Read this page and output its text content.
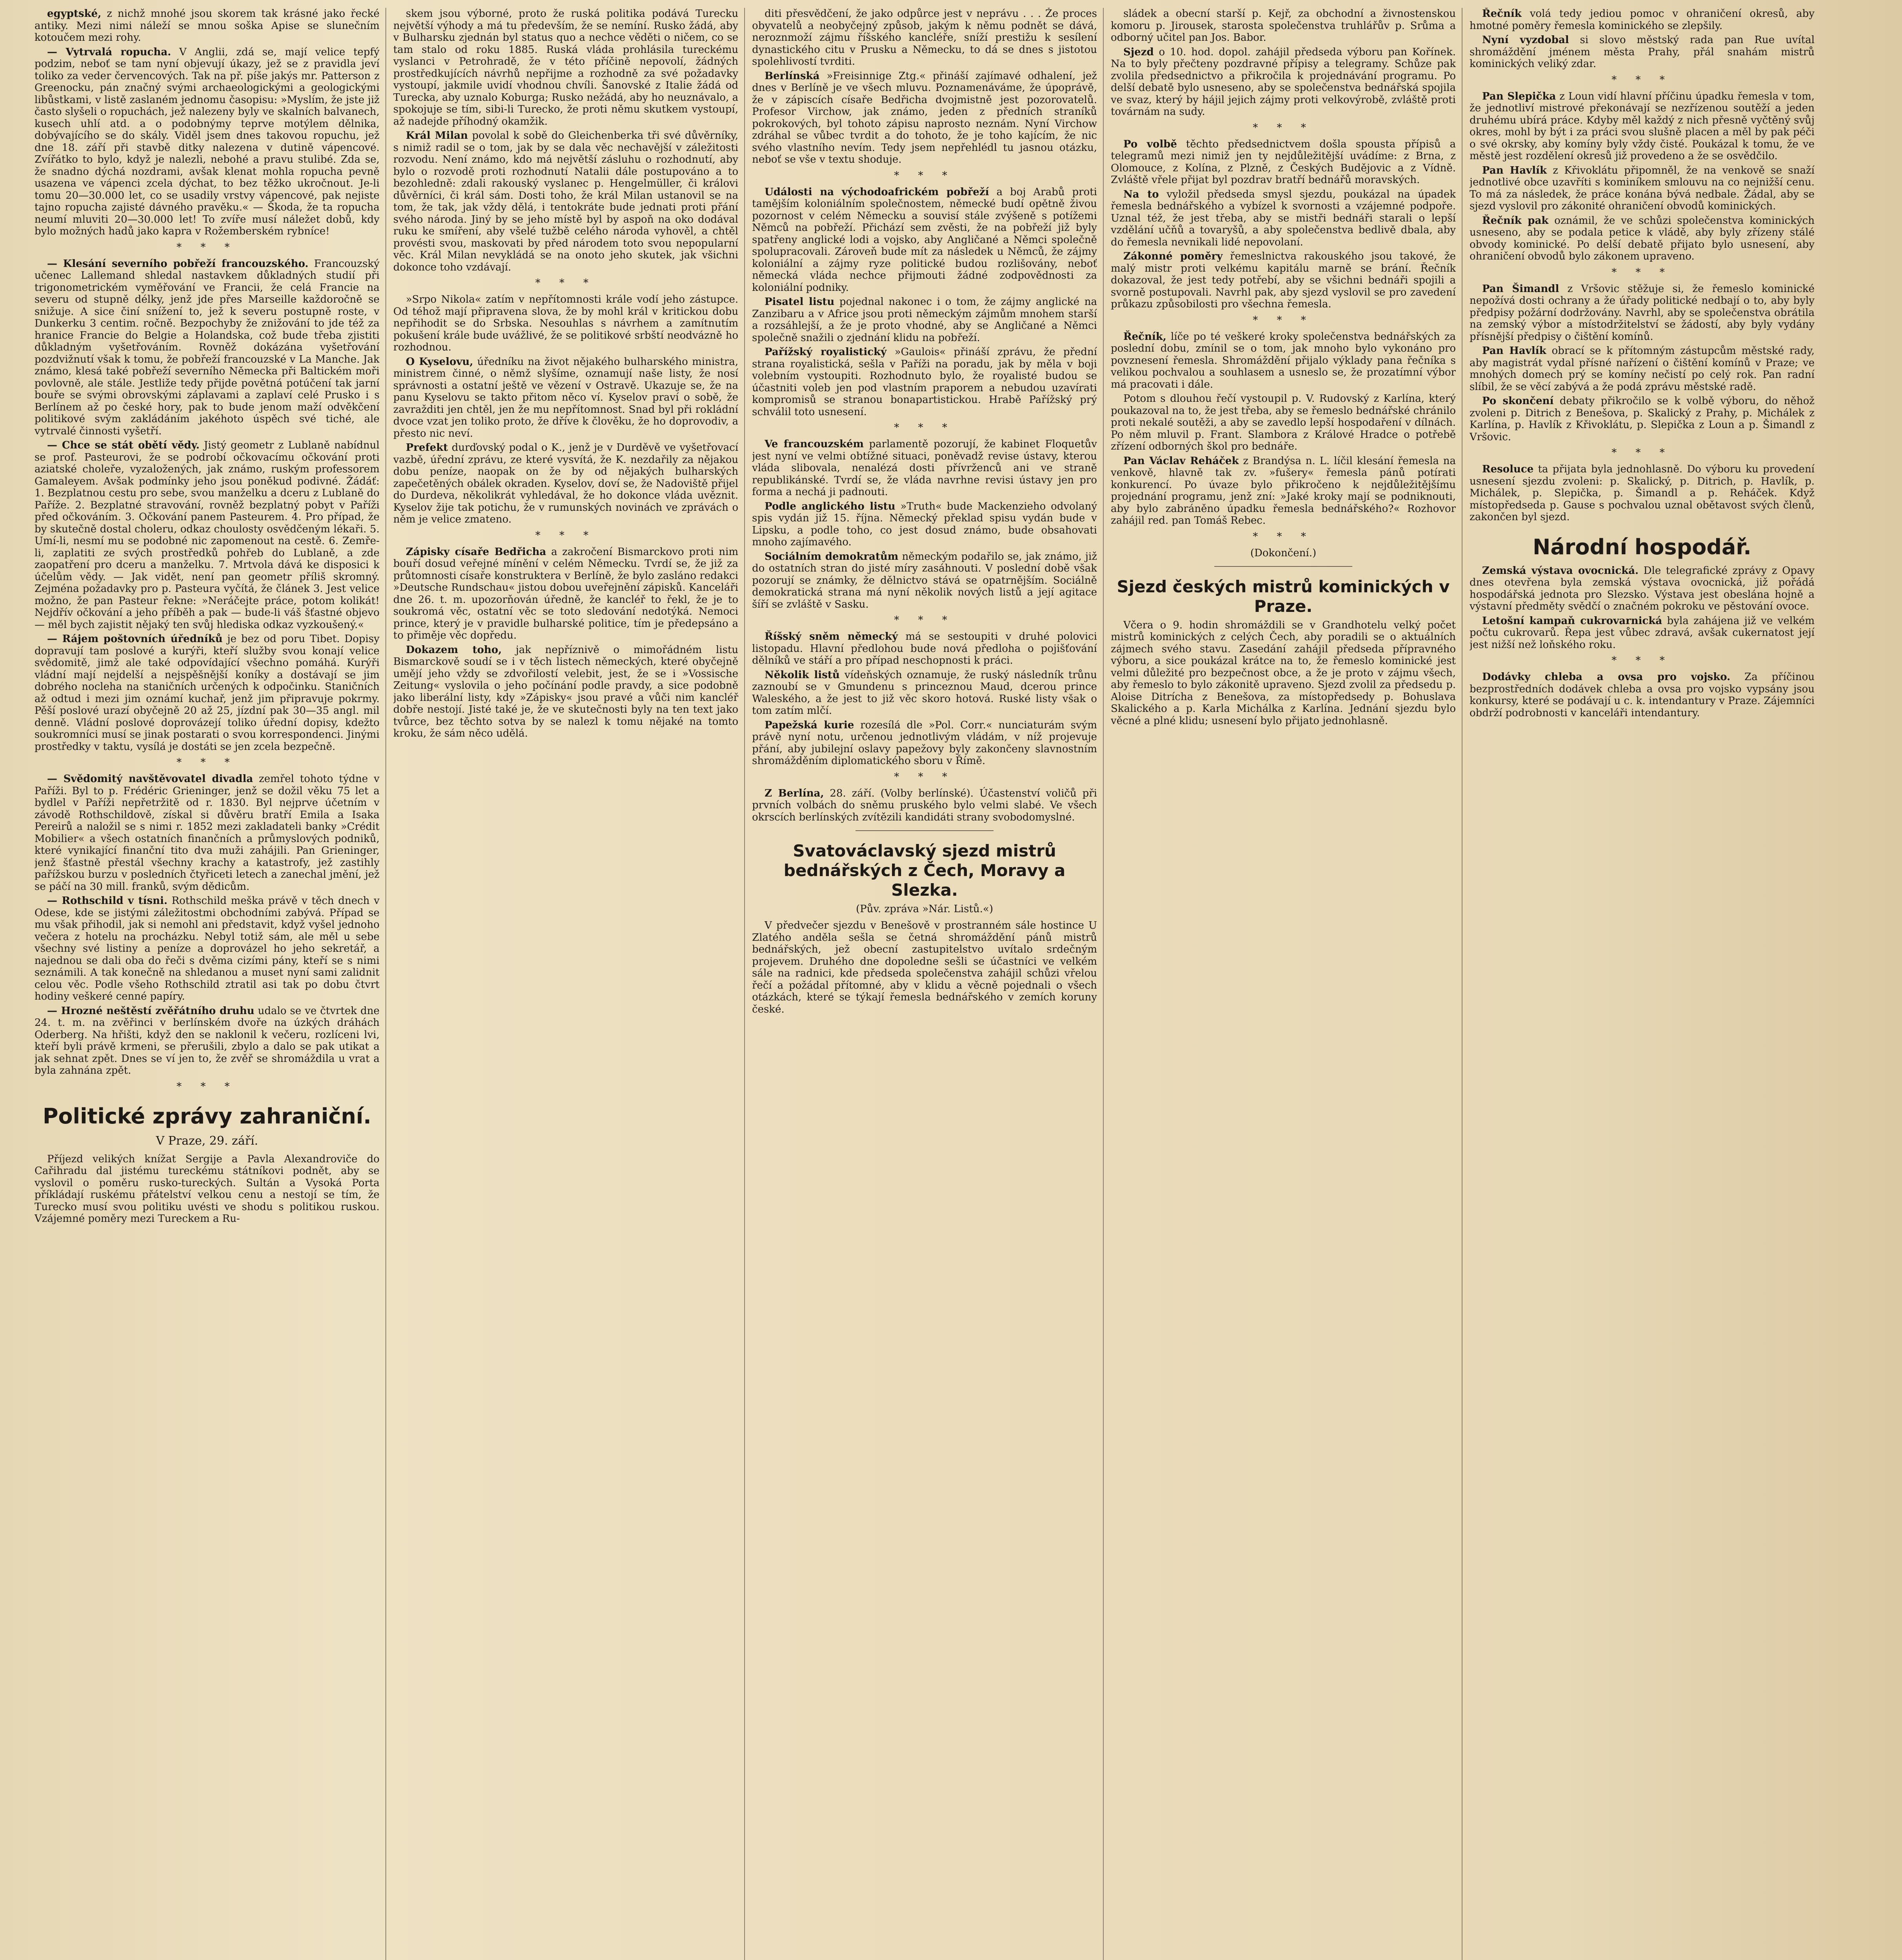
egyptské, z nichž mnohé jsou skorem tak krásné jako řecké antiky. Mezi nimi náleží se mnou soška Apise se slunečním kotoučem mezi rohy.

— Vytrvalá ropucha. V Anglii, zdá se, mají velice tepfý podzim, neboť se tam nyní objevují úkazy, jež se z pravidla jeví toliko za veder červencových. Tak na př. píše jakýs mr. Patterson z Greenocku, pán značný svými archaeologickými a geologickými libůstkami, v listě zaslaném jednomu časopisu: »Myslím, že jste již často slyšeli o ropuchách, jež nalezeny byly ve skalních balvanech, kusech uhlí atd. a o podobnýmy teprve motýlem dělnika, dobývajícího se do skály. Viděl jsem dnes takovou ropuchu, jež dne 18. září při stavbě ditky nalezena v dutině vápencové. Zvířátko to bylo, když je nalezli, nebohé a pravu stulibé. Zda se, že snadno dýchá nozdrami, avšak klenat mohla ropucha pevně usazena ve vápenci zcela dýchat, to bez těžko ukročnout. Je-li tomu 20—30.000 let, co se usadily vrstvy vápencové, pak nejiste tajno ropucha zajisté dávného pravěku.« — Škoda, že ta ropucha neumí mluviti 20—30.000 let! To zvíře musí náležet dobů, kdy bylo možných hadů jako kapra v Rožemberském rybníce!

* * *

— Klesání severního pobřeží francouzského. Francouzský učenec Lallemand shledal nastavkem důkladných studií při trigonometrickém vyměřování ve Francii, že celá Francie na severu od stupně délky, jenž jde přes Marseille každoročně se snižuje. A sice činí snížení to, jež k severu postupně roste, v Dunkerku 3 centim. ročně. Bezpochyby že znižování to jde též za hranice Francie do Belgie a Holandska, což bude třeba zjistiti důkladným vyšetřováním. Rovněž dokázána vyšetřování pozdvižnutí však k tomu, že pobřeží francouzské v La Manche. Jak známo, klesá také pobřeží severního Německa při Baltickém moři povlovně, ale stále. Jestliže tedy přijde povětná potúčení tak jarní bouře se svými obrovskými záplavami a zaplaví celé Prusko i s Berlínem až po české hory, pak to bude jenom maží odvěkčení politikové svým zakládáním jakéhoto úspěch své tiché, ale vytrvalé činnosti vyšetří.

— Chce se stát obětí vědy. Jistý geometr z Lublaně nabídnul se prof. Pasteurovi, že se podrobí očkovacímu očkování proti aziatské choleře, vyzaložených, jak známo, ruským professorem Gamaleyem. Avšak podmínky jeho jsou poněkud podivné. Žádáť: 1. Bezplatnou cestu pro sebe, svou manželku a dceru z Lublaně do Paříže. 2. Bezplatné stravování, rovněž bezplatný pobyt v Paříži před očkováním. 3. Očkování panem Pasteurem. 4. Pro případ, že by skutečně dostal choleru, odkaz choulosty osvědčeným lékaři. 5. Umí-li, nesmí mu se podobné nic zapomenout na cestě. 6. Zemře-li, zaplatiti ze svých prostředků pohřeb do Lublaně, a zde zaopatření pro dceru a manželku. 7. Mrtvola dává ke disposici k účelům vědy. — Jak vidět, není pan geometr příliš skromný. Zejména požadavky pro p. Pasteura vyčítá, že článek 3. Jest velice možno, že pan Pasteur řekne: »Neráčejte práce, potom kolikát! Nejdřív očkování a jeho příběh a pak — bude-li váš šťastné objevo — měl bych zajistit nějaký ten svůj hlediska odkaz vyzkoušený.«

— Rájem poštovních úředníků je bez od poru Tibet. Dopisy dopravují tam poslové a kurýři, kteří služby svou konají velice svědomitě, jimž ale také odpovídající všechno pomáhá. Kurýři vládní mají nejdelší a nejspěšnější koníky a dostávají se jim dobrého nocleha na staničních určených k odpočinku. Staničních až odtud i mezi jim oznámí kuchař, jenž jim připravuje pokrmy. Pěší poslové urazí obyčejně 20 až 25, jízdní pak 30—35 angl. mil denně. Vládní poslové doprovázejí toliko úřední dopisy, kdežto soukromníci musí se jinak postarati o svou korrespondenci. Jinými prostředky v taktu, vysílá je dostáti se jen zcela bezpečně.

* * *

— Svědomitý navštěvovatel divadla zemřel tohoto týdne v Paříži. Byl to p. Frédéric Grieninger, jenž se dožil věku 75 let a bydlel v Paříži nepřetržitě od r. 1830. Byl nejprve účetním v závodě Rothschildově, získal si důvěru bratří Emila a Isaka Pereirů a naložil se s nimi r. 1852 mezi zakladateli banky »Crédit Mobilier« a všech ostatních finančních a průmyslových podniků, které vynikající finanční tito dva muži zahájili. Pan Grieninger, jenž šťastně přestál všechny krachy a katastrofy, jež zastihly pařížskou burzu v posledních čtyřiceti letech a zanechal jmění, jež se páčí na 30 mill. franků, svým dědicům.

— Rothschild v tísni. Rothschild meška právě v těch dnech v Odese, kde se jistými záležitostmi obchodními zabývá. Případ se mu však přihodil, jak si nemohl ani představit, když vyšel jednoho večera z hotelu na procházku. Nebyl totiž sám, ale měl u sebe všechny své listiny a peníze a doprovázel ho jeho sekretář, a najednou se dali oba do řeči s dvěma cizími pány, kteří se s nimi seznámili. A tak konečně na shledanou a muset nyní sami zalidnit celou věc. Podle všeho Rothschild ztratil asi tak po dobu čtvrt hodiny veškeré cenné papíry.

— Hrozné neštěstí zvěřátního druhu udalo se ve čtvrtek dne 24. t. m. na zvěřinci v berlínském dvoře na úzkých dráhách Oderberg. Na hřišti, když den se naklonil k večeru, rozlíceni lvi, kteří byli právě krmeni, se přerušili, zbylo a dalo se pak utikat a jak sehnat zpět. Dnes se ví jen to, že zvěř se shromáždila u vrat a byla zahnána zpět.

* * *
Politické zprávy zahraniční.
V Praze, 29. září.

Příjezd velikých knížat Sergije a Pavla Alexandroviče do Cařihradu dal jistému tureckému státníkovi podnět, aby se vyslovil o poměru rusko-tureckých. Sultán a Vysoká Porta příkládají ruskému přátelství velkou cenu a nestojí se tím, že Turecko musí svou politiku uvésti ve shodu s politikou ruskou. Vzájemné poměry mezi Tureckem a Ru-

skem jsou výborné, proto že ruská politika podává Turecku největší výhody a má tu především, že se nemíní. Rusko žádá, aby v Bulharsku zjednán byl status quo a nechce věděti o ničem, co se tam stalo od roku 1885. Ruská vláda prohlásila tureckému vyslanci v Petrohradě, že v této příčině nepovolí, žádných prostředkujících návrhů nepřijme a rozhodně za své požadavky vystoupí, jakmile uvidí vhodnou chvíli. Šanovské z Italie žádá od Turecka, aby uznalo Koburga; Rusko nežádá, aby ho neuznávalo, a spokojuje se tím, sibi-li Turecko, že proti němu skutkem vystoupí, až nadejde příhodný okamžik.

Král Milan povolal k sobě do Gleichenberka tři své důvěrníky, s nimiž radil se o tom, jak by se dala věc nechavější v záležitosti rozvodu. Není známo, kdo má největší zásluhu o rozhodnutí, aby bylo o rozvodě proti rozhodnutí Natalii dále postupováno a to bezohledně: zdali rakouský vyslanec p. Hengelmüller, či královi důvěrníci, či král sám. Dosti toho, že král Milan ustanovil se na tom, že tak, jak vždy dělá, i tentokráte bude jednati proti přání svého národa. Jiný by se jeho místě byl by aspoň na oko dodával ruku ke smíření, aby všelé tužbě celého národa vyhověl, a chtěl provésti svou, maskovati by před národem toto svou nepopularní věc. Král Milan nevykládá se na onoto jeho skutek, jak všichni dokonce toho vzdávají.

* * *

»Srpo Nikola« zatím v nepřítomnosti krále vodí jeho zástupce. Od téhož mají připravena slova, že by mohl král v kritickou dobu nepřihodit se do Srbska. Nesouhlas s návrhem a zamítnutím pokušení krále bude uvážlivé, že se politikové srbští neodvázně ho rozhodnou.

O Kyselovu, úředníku na život nějakého bulharského ministra, ministrem činné, o němž slyšíme, oznamují naše listy, že nosí správnosti a ostatní ještě ve vězení v Ostravě. Ukazuje se, že na panu Kyselovu se takto přitom něco ví. Kyselov praví o sobě, že zavražditi jen chtěl, jen že mu nepřítomnost. Snad byl při rokládní dvoce vzat jen toliko proto, že dříve k člověku, že ho doprovodiv, a přesto nic neví.

Prefekt durďovský podal o K., jenž je v Durděvě ve vyšetřovací vazbě, úřední zprávu, ze které vysvítá, že K. nezdařily za nějakou dobu peníze, naopak on že by od nějakých bulharských zapečetěných obálek okraden. Kyselov, doví se, že Nadoviště přijel do Durdeva, několikrát vyhledával, že ho dokonce vláda uvěznit. Kyselov žije tak potichu, že v rumunských novinách ve zprávách o něm je velice zmateno.

* * *

Zápisky císaře Bedřicha a zakročení Bismarckovo proti nim bouří dosud veřejné mínění v celém Německu. Tvrdí se, že již za průtomnosti císaře konstruktera v Berlíně, že bylo zasláno redakci »Deutsche Rundschau« jistou dobou uveřejnění zápisků. Kanceláři dne 26. t. m. upozorňován úředně, že kancléř to řekl, že je to soukromá věc, ostatní věc se toto sledování nedotýká. Nemoci prince, který je v pravidle bulharské politice, tím je předepsáno a to přiměje věc dopředu.

Dokazem toho, jak nepříznivě o mimořádném listu Bismarckově soudí se i v těch listech německých, které obyčejně umějí jeho vždy se zdvořilostí velebit, jest, že se i »Vossische Zeitung« vyslovila o jeho počínání podle pravdy, a sice podobně jako liberální listy, kdy »Zápisky« jsou pravé a vůči nim kancléř dobře nestojí. Jisté také je, že ve skutečnosti byly na ten text jako tvůrce, bez těchto sotva by se nalezl k tomu nějaké na tomto kroku, že sám něco udělá.

diti přesvědčení, že jako odpůrce jest v neprávu . . . Že proces obyvatelů a neobyčejný způsob, jakým k němu podnět se dává, neroznmoží zájmu říšského kancléře, sníží prestižu k sesílení dynastického citu v Prusku a Německu, to dá se dnes s jistotou spolehlivostí tvrditi.

Berlínská »Freisinnige Ztg.« přináší zajímavé odhalení, jež dnes v Berlíně je ve všech mluvu. Poznamenáváme, že úpoprávě, že v zápiscích císaře Bedřicha dvojmistně jest pozorovatelů. Profesor Virchow, jak známo, jeden z předních straníků pokrokových, byl tohoto zápisu naprosto neznám. Nyní Virchow zdráhal se vůbec tvrdit a do tohoto, že je toho kajícím, že nic svého vlastního nevím. Tedy jsem nepřehlédl tu jasnou otázku, neboť se vše v textu shoduje.

* * *

Události na východoafrickém pobřeží a boj Arabů proti tamějším koloniálním společnostem, německé budí opětně živou pozornost v celém Německu a souvisí stále zvýšeně s potížemi Němců na pobřeží. Přichází sem zvěsti, že na pobřeží již byly spatřeny anglické lodi a vojsko, aby Angličané a Němci společně spolupracovali. Zároveň bude mít za následek u Němců, že zájmy koloniální a zájmy ryze politické budou rozlišovány, neboť německá vláda nechce přijmouti žádné zodpovědnosti za koloniální podniky.

Pisatel listu pojednal nakonec i o tom, že zájmy anglické na Zanzibaru a v Africe jsou proti německým zájmům mnohem starší a rozsáhlejší, a že je proto vhodné, aby se Angličané a Němci společně snažili o zjednání klidu na pobřeží.

Pařížský royalistický »Gaulois« přináší zprávu, že přední strana royalistická, sešla v Paříži na poradu, jak by měla v boji volebním vystoupiti. Rozhodnuto bylo, že royalisté budou se účastniti voleb jen pod vlastním praporem a nebudou uzavírati kompromisů se stranou bonapartistickou. Hrabě Pařížský prý schválil toto usnesení.

* * *

Ve francouzském parlamentě pozorují, že kabinet Floquetův jest nyní ve velmi obtížné situaci, poněvadž revise ústavy, kterou vláda slibovala, nenalézá dosti přívrženců ani ve straně republikánské. Tvrdí se, že vláda navrhne revisi ústavy jen pro forma a nechá ji padnouti.

Podle anglického listu »Truth« bude Mackenzieho odvolaný spis vydán již 15. října. Německý překlad spisu vydán bude v Lipsku, a podle toho, co jest dosud známo, bude obsahovati mnoho zajímavého.

Sociálním demokratům německým podařilo se, jak známo, již do ostatních stran do jisté míry zasáhnouti. V poslední době však pozorují se známky, že dělnictvo stává se opatrnějším. Sociálně demokratická strana má nyní několik nových listů a její agitace šíří se zvláště v Sasku.

* * *

Říšský sněm německý má se sestoupiti v druhé polovici listopadu. Hlavní předlohou bude nová předloha o pojišťování dělníků ve stáří a pro případ neschopnosti k práci.

Několik listů vídeňských oznamuje, že ruský následník trůnu zaznoubí se v Gmundenu s princeznou Maud, dcerou prince Waleského, a že jest to již věc skoro hotová. Ruské listy však o tom zatím mlčí.

Papežská kurie rozesílá dle »Pol. Corr.« nunciaturám svým právě nyní notu, určenou jednotlivým vládám, v níž projevuje přání, aby jubilejní oslavy papežovy byly zakončeny slavnostním shromážděním diplomatického sboru v Římě.

* * *

Z Berlína, 28. září. (Volby berlínské). Účastenství voličů při prvních volbách do sněmu pruského bylo velmi slabé. Ve všech okrscích berlínských zvítězili kandidáti strany svobodomyslné.

Svatováclavský sjezd mistrů bednářských z Čech, Moravy a Slezka.
(Pův. zpráva »Nár. Listů.«)

V předvečer sjezdu v Benešově v prostranném sále hostince U Zlatého anděla sešla se četná shromáždění pánů mistrů bednářských, jež obecní zastupitelstvo uvítalo srdečným projevem. Druhého dne dopoledne sešli se účastníci ve velkém sále na radnici, kde předseda společenstva zahájil schůzi vřelou řečí a požádal přítomné, aby v klidu a věcně pojednali o všech otázkách, které se týkají řemesla bednářského v zemích koruny české.

sládek a obecní starší p. Kejř, za obchodní a živnostenskou komoru p. Jirousek, starosta společenstva truhlářův p. Srůma a odborný učitel pan Jos. Babor.

Sjezd o 10. hod. dopol. zahájil předseda výboru pan Kořínek. Na to byly přečteny pozdravné přípisy a telegramy. Schůze pak zvolila předsednictvo a přikročila k projednávání programu. Po delší debatě bylo usneseno, aby se společenstva bednářská spojila ve svaz, který by hájil jejich zájmy proti velkovýrobě, zvláště proti továrnám na sudy.

* * *

Po volbě těchto předsednictvem došla spousta přípisů a telegramů mezi nimiž jen ty nejdůležitější uvádíme: z Brna, z Olomouce, z Kolína, z Plzně, z Českých Budějovic a z Vídně. Zvláště vřele přijat byl pozdrav bratří bednářů moravských.

Na to vyložil předseda smysl sjezdu, poukázal na úpadek řemesla bednářského a vybízel k svornosti a vzájemné podpoře. Uznal též, že jest třeba, aby se mistři bednáři starali o lepší vzdělání učňů a tovaryšů, a aby společenstva bedlivě dbala, aby do řemesla nevnikali lidé nepovolaní.

Zákonné poměry řemeslnictva rakouského jsou takové, že malý mistr proti velkému kapitálu marně se brání. Řečník dokazoval, že jest tedy potřebí, aby se všichni bednáři spojili a svorně postupovali. Navrhl pak, aby sjezd vyslovil se pro zavedení průkazu způsobilosti pro všechna řemesla.

* * *

Řečník, líče po té veškeré kroky společenstva bednářských za poslední dobu, zmínil se o tom, jak mnoho bylo vykonáno pro povznesení řemesla. Shromáždění přijalo výklady pana řečníka s velikou pochvalou a souhlasem a usneslo se, že prozatímní výbor má pracovati i dále.

Potom s dlouhou řečí vystoupil p. V. Rudovský z Karlína, který poukazoval na to, že jest třeba, aby se řemeslo bednářské chránilo proti nekalé soutěži, a aby se zavedlo lepší hospodaření v dílnách. Po něm mluvil p. Frant. Slamborа z Králové Hradce o potřebě zřízení odborných škol pro bednáře.

Pan Václav Reháček z Brandýsa n. L. líčil klesání řemesla na venkově, hlavně tak zv. »fušery« řemesla pánů potírati konkurencí. Po úvaze bylo přikročeno k nejdůležitějšímu projednání programu, jenž zní: »Jaké kroky mají se podniknouti, aby bylo zabráněno úpadku řemesla bednářského?« Rozhovor zahájil red. pan Tomáš Rebec.

* * *
(Dokončení.)
Sjezd českých mistrů kominických v Praze.

Včera o 9. hodin shromáždili se v Grandhotelu velký počet mistrů kominických z celých Čech, aby poradili se o aktuálních zájmech svého stavu. Zasedání zahájil předseda přípravného výboru, a sice poukázal krátce na to, že řemeslo kominické jest velmi důležité pro bezpečnost obce, a že je proto v zájmu všech, aby řemeslo to bylo zákonitě upraveno. Sjezd zvolil za předsedu p. Aloise Ditrícha z Benešova, za místopředsedy p. Bohuslava Skalického a p. Karla Michálka z Karlína. Jednání sjezdu bylo věcné a plné klidu; usnesení bylo přijato jednohlasně.

Řečník volá tedy jediou pomoc v ohraničení okresů, aby hmotné poměry řemesla kominického se zlepšily.

Nyní vyzdobal si slovo městský rada pan Rue uvítal shromáždění jménem města Prahy, přál snahám mistrů kominických veliký zdar.

* * *

Pan Slepička z Loun vidí hlavní příčinu úpadku řemesla v tom, že jednotliví mistrové překonávají se nezřízenou soutěží a jeden druhému ubírá práce. Kdyby měl každý z nich přesně vyčtěný svůj okres, mohl by být i za práci svou slušně placen a měl by pak péči o své okrsky, aby komíny byly vždy čisté. Poukázal k tomu, že ve městě jest rozdělení okresů již provedeno a že se osvědčilo.

Pan Havlík z Křivoklátu připomněl, že na venkově se snaží jednotlivé obce uzavříti s kominíkem smlouvu na co nejnižší cenu. To má za následek, že práce konána bývá nedbale. Žádal, aby se sjezd vyslovil pro zákonité ohraničení obvodů kominických.

Řečník pak oznámil, že ve schůzi společenstva kominických usneseno, aby se podala petice k vládě, aby byly zřízeny stálé obvody kominické. Po delší debatě přijato bylo usnesení, aby ohraničení obvodů bylo zákonem upraveno.

* * *

Pan Šimandl z Vršovic stěžuje si, že řemeslo kominické nepožívá dosti ochrany a že úřady politické nedbají o to, aby byly předpisy požární dodržovány. Navrhl, aby se společenstva obrátila na zemský výbor a místodržitelství se žádostí, aby byly vydány přísnější předpisy o čištění komínů.

Pan Havlík obrací se k přítomným zástupcům městské rady, aby magistrát vydal přísné nařízení o čištění komínů v Praze; ve mnohých domech prý se komíny nečistí po celý rok. Pan radní slíbil, že se věcí zabývá a že podá zprávu městské radě.

Po skončení debaty přikročilo se k volbě výboru, do něhož zvoleni p. Ditrich z Benešova, p. Skalický z Prahy, p. Michálek z Karlína, p. Havlík z Křivoklátu, p. Slepička z Loun a p. Šimandl z Vršovic.

* * *

Resoluce ta přijata byla jednohlasně. Do výboru ku provedení usnesení sjezdu zvoleni: p. Skalický, p. Ditrich, p. Havlík, p. Michálek, p. Slepička, p. Šimandl a p. Reháček. Když místopředseda p. Gause s pochvalou uznal obětavost svých členů, zakončen byl sjezd.

Národní hospodář.

Zemská výstava ovocnická. Dle telegrafické zprávy z Opavy dnes otevřena byla zemská výstava ovocnická, již pořádá hospodářská jednota pro Slezsko. Výstava jest obeslána hojně a výstavní předměty svědčí o značném pokroku ve pěstování ovoce.

Letošní kampaň cukrovarnická byla zahájena již ve velkém počtu cukrovarů. Řepa jest vůbec zdravá, avšak cukernatost její jest nižší než loňského roku.

* * *

Dodávky chleba a ovsa pro vojsko. Za příčinou bezprostředních dodávek chleba a ovsa pro vojsko vypsány jsou konkursy, které se podávají u c. k. intendantury v Praze. Zájemníci obdrží podrobnosti v kanceláři intendantury.
